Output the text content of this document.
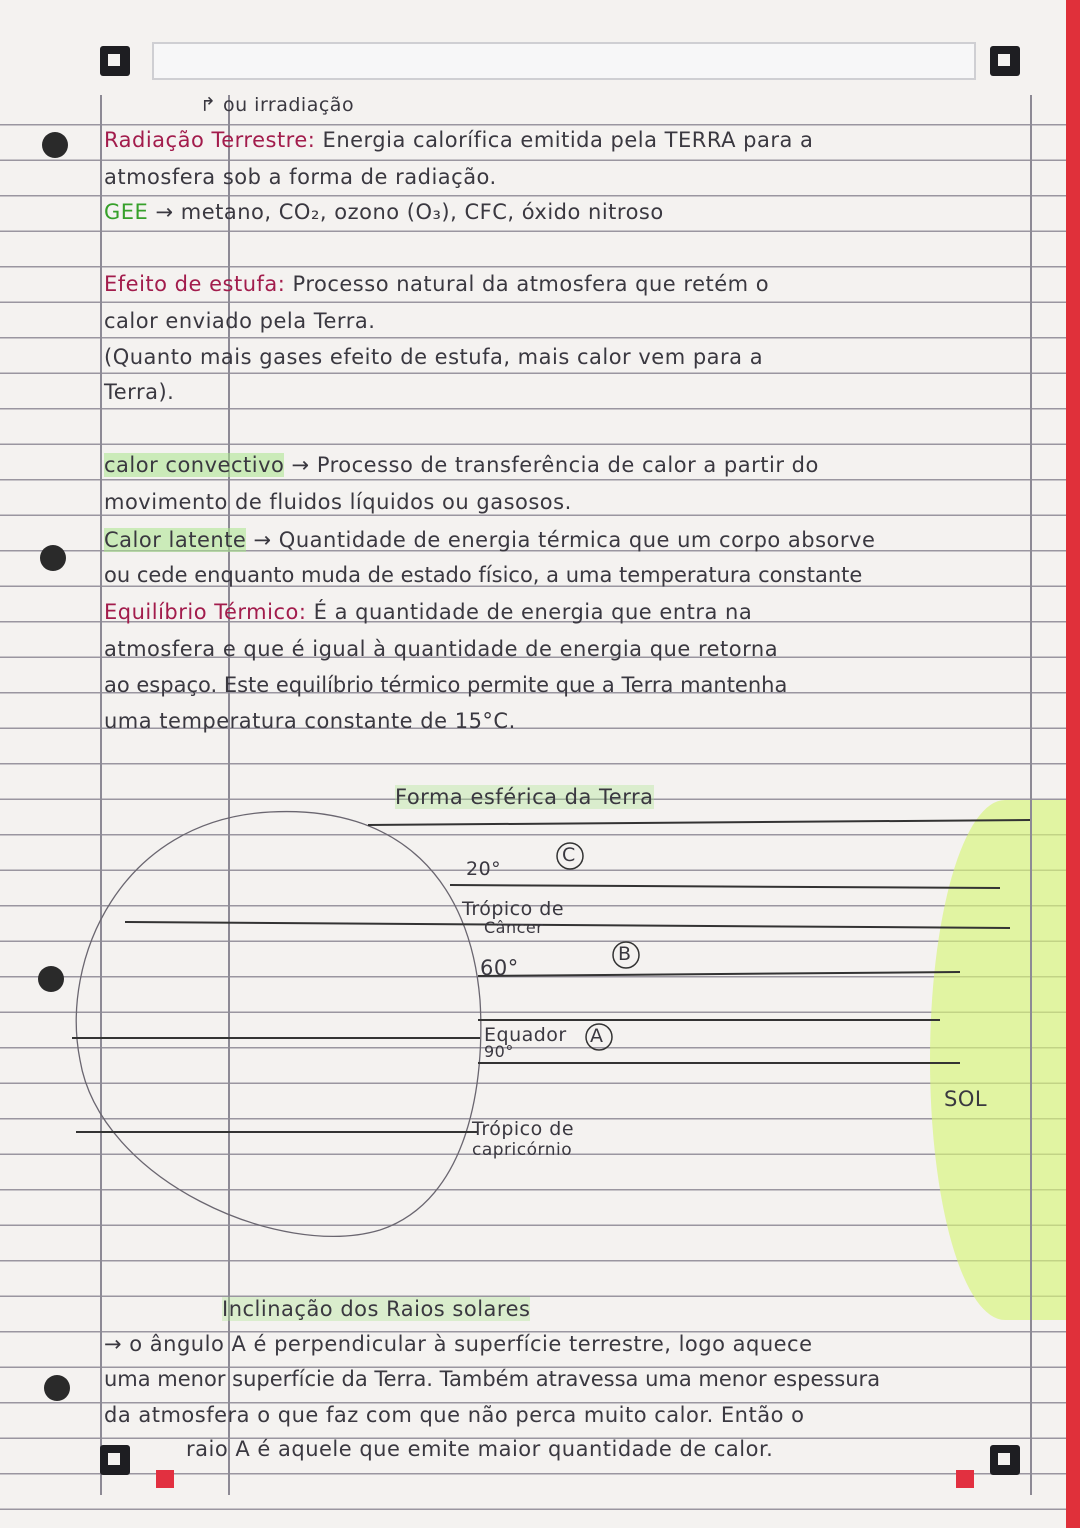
↱ ou irradiação
Radiação Terrestre: Energia calorífica emitida pela TERRA para a
atmosfera sob a forma de radiação.
GEE → metano, CO₂, ozono (O₃), CFC, óxido nitroso
Efeito de estufa: Processo natural da atmosfera que retém o
calor enviado pela Terra.
(Quanto mais gases efeito de estufa, mais calor vem para a
Terra).
calor convectivo → Processo de transferência de calor a partir do
movimento de fluidos líquidos ou gasosos.
Calor latente → Quantidade de energia térmica que um corpo absorve
ou cede enquanto muda de estado físico, a uma temperatura constante
Equilíbrio Térmico: É a quantidade de energia que entra na
atmosfera e que é igual à quantidade de energia que retorna
ao espaço. Este equilíbrio térmico permite que a Terra mantenha
uma temperatura constante de 15°C.
Forma esférica da Terra
20°
C
Trópico de
Câncer
60°
B
Equador A
90°
Trópico de
capricórnio
SOL
Inclinação dos Raios solares
→ o ângulo A é perpendicular à superfície terrestre, logo aquece
uma menor superfície da Terra. Também atravessa uma menor espessura
da atmosfera o que faz com que não perca muito calor. Então o
raio A é aquele que emite maior quantidade de calor.
